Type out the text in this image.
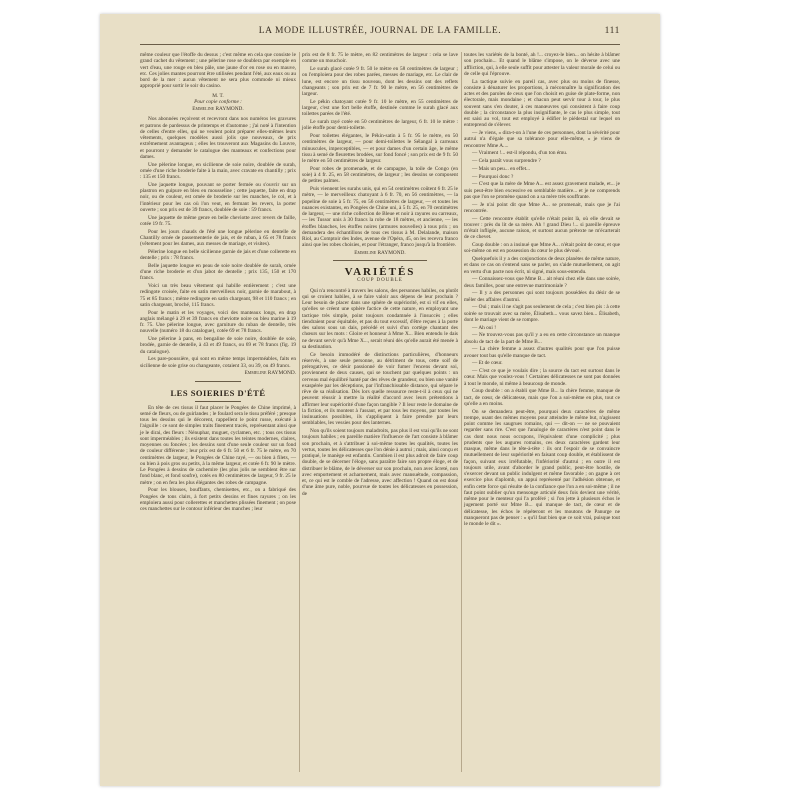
LA MODE ILLUSTRÉE, JOURNAL DE LA FAMILLE.	111

même couleur que l'étoffe du dessus ; c'est même en cela que consiste le grand cachet du vêtement ; une pèlerine rose se doublera par exemple en vert d'eau, une rouge en bleu pâle, une jaune d'or en rose ou en mauve, etc. Ces jolies mantes pourront être utilisées pendant l'été, aux eaux ou au bord de la mer : aucun vêtement ne sera plus commode ni mieux approprié pour sortir le soir du casino.

M. T.
Pour copie conforme :
Emmeline RAYMOND.

Nos abonnées reçoivent et recevront dans nos numéros les gravures et patrons de pardessus de printemps et d'automne ; j'ai noté à l'intention de celles d'entre elles, qui ne veulent point préparer elles-mêmes leurs vêtements, quelques modèles aussi jolis que nouveaux, de prix extrêmement avantageux ; elles les trouveront aux Magasins du Louvre, et pourront y demander le catalogue des manteaux et confections pour dames.

Une pèlerine longue, en sicilienne de soie noire, doublée de surah, ornée d'une riche broderie faite à la main, avec cravate en chantilly ; prix : 135 et 150 francs.

Une jaquette longue, pouvant se porter fermée ou s'ouvrir sur un plastron en guipure en bleu en mousseline ; cette jaquette, faite en drap noir, ou de couleur, est ornée de broderie sur les manches, le col, et à l'intérieur pour les cas où l'on veut, en fermant les revers, la porter ouverte ; son prix est de 39 francs, doublée de soie : 59 francs.

Une jaquette de même genre en belle cheviotte avec revers de faille, cotée 19 fr. 75.

Pour les jours chauds de l'été une longue pèlerine en dentelle de Chantilly ornée de passementerie de jais, et de ruban, à 65 et 78 francs (vêtement pour les dames, aux messes de mariage, et visites).

Pèlerine longue en belle sicilienne garnie de jais et d'une collerette en dentelle ; prix : 78 francs.

Belle jaquette longue en peau de soie noire doublée de surah, ornée d'une riche broderie et d'un jabot de dentelle ; prix 135, 150 et 170 francs.

Voici un très beau vêtement qui habille entièrement ; c'est une redingote croisée, faite en satin merveilleux noir, garnie de marabout, à 75 et 85 francs ; même redingote en satin chargeant, 98 et 110 francs ; en satin chargeant, broché, 115 francs.

Pour le matin et les voyages, voici des manteaux longs, en drap anglais mélangé à 29 et 39 francs en cheviotte noire ou bleu marine à 19 fr. 75. Une pèlerine longue, avec garniture du ruban de dentelle, très nouvelle (numéro 18 du catalogue), cotée 69 et 78 francs.

Une pèlerine à pans, en bengaline de soie noire, doublée de soie, brodée, garnie de dentelle, à 43 et 49 francs, ou 69 et 78 francs (fig. 19 du catalogue).

Les pare-poussière, qui sont en même temps imperméables, faits en sicilienne de soie grise ou changeante, cotaient 33, ou 39, ou 49 francs.

Emmeline RAYMOND.
LES SOIERIES D'ÉTÉ

En tête de ces tissus il faut placer le Pongées de Chine imprimé, à semé de fleurs, ou de guirlandes ; le foulard sera le tissu préféré ; presque tous les dessins qui le décorent, rappellent le point russe, exécuté à l'aiguille : ce sont de simples traits finement tracés, représentant ainsi que je le dirai, des fleurs : Nénuphar, muguet, cyclamen, etc. ; tous ces tissus sont imperméables ; ils existent dans toutes les teintes modernes, claires, moyennes ou foncées ; les dessins sont d'une seule couleur sur un fond de couleur différente ; leur prix est de 6 fr. 50 et 6 fr. 75 le mètre, en 70 centimètres de largeur, le Pongées de Chine rayé, — ou bien à filets, — ou bien à pois gros ou petits, à la même largeur, et cotée 6 fr. 90 le mètre. Le Pongées à dessins de cachemire (les plus jolis ne semblent être sur fond blanc, et fond soufre), cotés en 80 centimètres de largeur, 9 fr. 25 le mètre ; on en fera les plus élégantes des robes de campagne.

Pour les blouses, bouffants, chemisettes, etc., on a fabriqué des Pongées de tons clairs, à fort petits dessins et fines rayures ; on les emploiera aussi pour collerettes et manchettes plissées finement ; on pose ces manchettes sur le contour inférieur des manches ; leur

prix est de 8 fr. 75 le mètre, en 82 centimètres de largeur : cela se lave comme un mouchoir.

Le surah glacé cotée 9 fr. 50 le mètre en 58 centimètres de largeur ; on l'emploiera pour des robes parées, messes de mariage, etc. Le clair de lune, est encore un tissu nouveau, dont les dessins ont des reflets changeants ; son prix est de 7 fr. 90 le mètre, en 56 centimètres de largeur.

Le pékin chatoyant cotée 9 fr. 10 le mètre, en 55 centimètres de largeur, c'est une fort belle étoffe, destinée comme le surah glacé aux toilettes parées de l'été.

Le surah rayé cotée en 50 centimètres de largeur, 6 fr. 10 le mètre : jolie étoffe pour demi-toilette.

Pour toilettes élégantes, le Pékin-satin à 5 fr. 95 le mètre, en 50 centimètres de largeur, — pour demi-toilettes le Sélangal à carreaux minuscules, imperceptibles, — et pour dames d'un certain âge, le même tissu à semé de fleurettes brodées, sur fond foncé ; son prix est de 9 fr. 50 le mètre en 50 centimètres de largeur.

Pour robes de promenade, et de campagne, la toile de Congo (en soie) à 4 fr. 25, en 58 centimètres, de largeur ; les dessins se composent de petites palmes.

Puis viennent les surahs unis, qui en 54 centimètres coûtent 6 fr. 25 le mètre, — le merveilleux chatoyant à 6 fr. 70, en 56 centimètres, — la popeline de soie à 5 fr. 75, en 56 centimètres de largeur, — et toutes les nuances existantes, en Pongées de Chine uni, à 5 fr. 25, en 70 centimètres de largeur, — une riche collection de Bleue et noir à rayures ou carreaux, — les Tussor unis à 30 francs la robe de 18 mètres, et ancienne, — les étoffes blanches, les étoffes noires (armures nouvelles) à tous prix ; on demandera des échantillons de tous ces tissus à M. Delalande, maison Riol, au Comptoir des Indes, avenue de l'Opéra, 45, on les recevra franco ainsi que les robes choisies, et pour l'étranger, franco jusqu'à la frontière.

Emmeline RAYMOND.
VARIÉTÉS
COUP DOUBLE

Qui n'a rencontré à travers les salons, des personnes habiles, ou plutôt qui se croient habiles, à se faire valoir aux dépens de leur prochain ? Leur besoin de placer dans une sphère de supériorité, est si vif en elles, qu'elles se créent une sphère factice de cette nature, en employant une tactique très simple, point toujours condamnée à l'insuccès ; elles tiendraient pour équitable, et pas du tout excessif, d'être reçues à la porte des salons sous un dais, précédé et suivi d'un cortège chantant des chœurs sur les mots : Gloire et honneur à Mme X... Bien entendu le dais ne devant servir qu'à Mme X..., serait réuni dès qu'elle aurait été menée à sa destination.

Ce besoin immodéré de distinctions particulières, d'honneurs réservés, à une seule personne, au détriment de tous, cette soif de prérogatives, ce désir passionné de voir fumer l'encens devant soi, proviennent de deux causes, qui se touchent par quelques points : un cerveau mal équilibré hanté par des rêves de grandeur, ou bien une vanité exaspérée par les déceptions, par l'infranchissable distance, qui sépare le rêve de sa réalisation. Dès lors quelle ressource reste-t-il à ceux qui ne peuvent réussir à mettre la réalité d'accord avec leurs prétentions à affirmer leur supériorité d'une façon tangible ? Il leur reste le domaine de la fiction, et ils montent à l'assaut, et par tous les moyens, par toutes les insinuations possibles, ils s'appliquent à faire prendre par leurs semblables, les vessies pour des lanternes.

Non qu'ils soient toujours maladroits, pas plus il est vrai qu'ils ne sont toujours habiles ; en pareille matière l'influence de l'art consiste à blâmer son prochain, et à s'attribuer à soi-même toutes les qualités, toutes les vertus, toutes les délicatesses que l'on dénie à autrui ; mais, ainsi conçu et pratiqué, le manège est enfantin. Combien il est plus adroit de faire coup double, de se décerner l'éloge, sans paraître faire son propre éloge, et de distribuer le blâme, de le déverser sur son prochain, non avec âcreté, non avec emportement et acharnement, mais avec mansuétude, compassion, et, ce qui est le comble de l'adresse, avec affection ! Quand on est doué d'une âme pure, noble, pourvue de toutes les délicatesses en possession, de

toutes les variétés de la bonté, ah !... croyez-le bien... on hésite à blâmer son prochain... Et quand le blâme s'impose, on le déverse avec une affliction, qui, à elle seule suffit pour attester la valeur morale de celui ou de celle qui l'éprouve.

La tactique suivie en pareil cas, avec plus ou moins de finesse, consiste à dénaturer les proportions, à méconnaître la signification des actes et des paroles de ceux que l'on choisit en guise de plate-forme, non électorale, mais mondaine ; et chacun peut servir tour à tour, le plus souvent sans s'en douter, à ces manœuvres qui consistent à faire coup double ; la circonstance la plus insignifiante, le cas le plus simple, tout est saisi au vol, tout est employé à édifier le piédestal sur lequel on entreprend de s'élever.

— Je viens, » dira-t-on à l'une de ces personnes, dont la sévérité pour autrui n'a d'égale que sa tolérance pour elle-même, « je viens de rencontrer Mme A....

— Vraiment !... est-il répondu, d'un ton ému.

— Cela paraît vous surprendre ?

— Mais un peu... en effet...

— Pourquoi donc ?

— C'est que la mère de Mme A... est assez gravement malade, et... je suis peut-être bien excessive en semblable matière... et je ne comprends pas que l'on se promène quand on a sa mère très souffrante.

— Je n'ai point dit que Mme A... se promenait, mais que je l'ai rencontrée.

— Cette rencontre établit qu'elle n'était point là, où elle devait se trouver : près du lit de sa mère. Ah ! grand Dieu !... si pareille épreuve m'était infligée, aucune raison, et surtout aucun prétexte ne m'écarterait de ce chevet.

Coup double : on a insinué que Mme A... n'était point de cœur, et que soi-même on est en possession du cœur le plus dévoué.

Quelquefois il y a des conjonctions de deux planètes de même nature, et dans ce cas on s'entend sans se parler, on s'aide mutuellement, on agit en vertu d'un pacte non écrit, ni signé, mais sous-entendu.

— Connaissez-vous que Mme B... ait réuni chez elle dans une soirée, deux familles, pour une entrevue matrimoniale ?

— Il y a des personnes qui sont toujours possédées du désir de se mêler des affaires d'autrui.

— Oui ; mais il ne s'agit pas seulement de cela ; c'est bien pis : à cette soirée se trouvait avec sa mère, Élisabeth... vous savez bien... Élisabeth, dont le mariage vient de se rompre.

— Ah oui !

— Ne trouvez-vous pas qu'il y a eu en cette circonstance un manque absolu de tact de la part de Mme B...

— La chère femme a assez d'autres qualités pour que l'on puisse avouer tout bas qu'elle manque de tact.

— Et de cœur.

— C'est ce que je voulais dire ; la source du tact est surtout dans le cœur. Mais que voulez-vous ! Certaines délicatesses ne sont pas données à tout le monde, ni même à beaucoup de monde.

Coup double : on a établi que Mme B... la chère femme, manque de tact, de cœur, de délicatesse, mais que l'on a soi-même en plus, tout ce qu'elle a en moins.

On se demandera peut-être, pourquoi deux caractères de même trempe, usant des mêmes moyens pour atteindre le même but, n'agissent point comme les saugrues romains, qui — dit-on — ne se pouvaient regarder sans rire. C'est que l'analogie de caractères n'est point dans le cas dont nous nous occupons, l'équivalent d'une complicité ; plus prudents que les augures romains, ces deux caractères gardent leur masque, même dans le tête-à-tête : ils ont l'espoir de se convaincre mutuellement de leur supériorité en faisant coup double, et établissent de façon, suivant eux irréfutable, l'infériorité d'autrui ; en outre il est toujours utile, avant d'aborder le grand public, peut-être hostile, de s'exercer devant un public indulgent et même favorable ; on gagne à cet exercice plus d'aplomb, un appui représenté par l'adhésion obtenue, et enfin cette force qui résulte de la confiance que l'on a en soi-même ; il ne faut point oublier qu'un mensonge articulé deux fois devient une vérité, même pour le menteur qui l'a proféré ; si l'on jette à plusieurs échos le jugement porté sur Mme B... qui manque de tact, de cœur et de délicatesse, les échos le répéteront et les moutons de Panurge ne manqueront pas de penser : « qu'il faut bien que ce soit vrai, puisque tout le monde le dit ».
